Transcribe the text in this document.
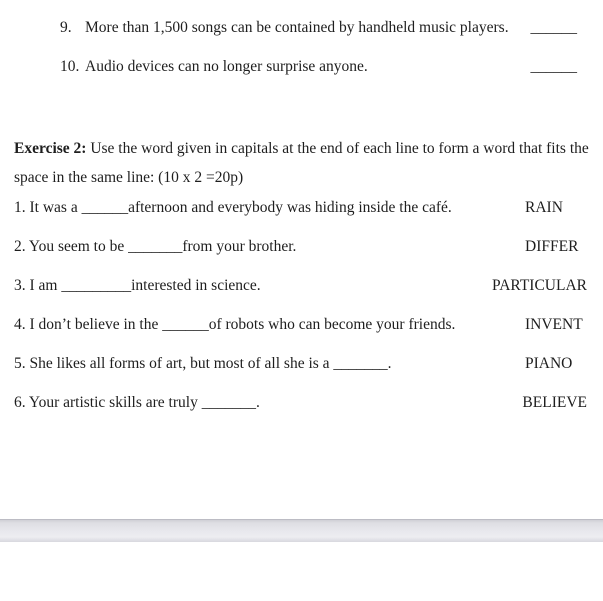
9. More than 1,500 songs can be contained by handheld music players. ______
10. Audio devices can no longer surprise anyone.	______
Exercise 2: Use the word given in capitals at the end of each line to form a word that fits the
space in the same line: (10 x 2 =20p)
1. It was a ______afternoon and everybody was hiding inside the café.	RAIN
2. You seem to be _______from your brother.	DIFFER
3. I am _________interested in science.	PARTICULAR
4. I don’t believe in the ______of robots who can become your friends.	INVENT
5. She likes all forms of art, but most of all she is a _______.	PIANO
6. Your artistic skills are truly _______.	BELIEVE
